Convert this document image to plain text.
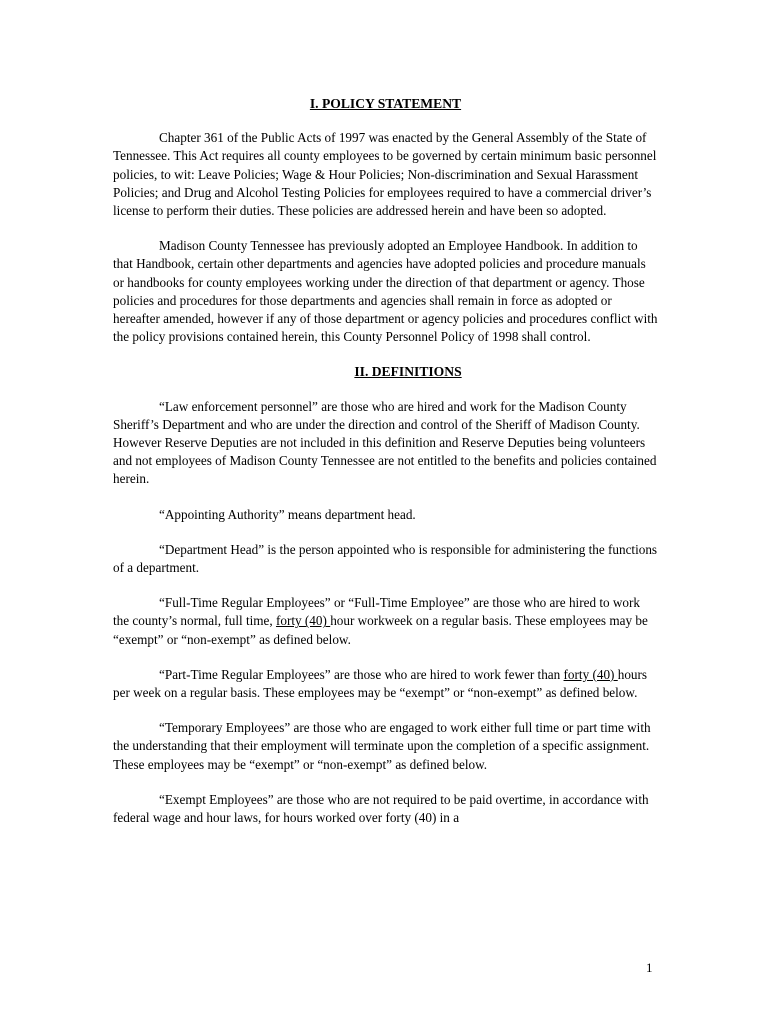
I. POLICY STATEMENT

Chapter 361 of the Public Acts of 1997 was enacted by the General Assembly of the State of Tennessee. This Act requires all county employees to be governed by certain minimum basic personnel policies, to wit: Leave Policies; Wage & Hour Policies; Non-discrimination and Sexual Harassment Policies; and Drug and Alcohol Testing Policies for employees required to have a commercial driver’s license to perform their duties. These policies are addressed herein and have been so adopted.

Madison County Tennessee has previously adopted an Employee Handbook. In addition to that Handbook, certain other departments and agencies have adopted policies and procedure manuals or handbooks for county employees working under the direction of that department or agency. Those policies and procedures for those departments and agencies shall remain in force as adopted or hereafter amended, however if any of those department or agency policies and procedures conflict with the policy provisions contained herein, this County Personnel Policy of 1998 shall control.

II. DEFINITIONS

“Law enforcement personnel” are those who are hired and work for the Madison County Sheriff’s Department and who are under the direction and control of the Sheriff of Madison County. However Reserve Deputies are not included in this definition and Reserve Deputies being volunteers and not employees of Madison County Tennessee are not entitled to the benefits and policies contained herein.

“Appointing Authority” means department head.

“Department Head” is the person appointed who is responsible for administering the functions of a department.

“Full-Time Regular Employees” or “Full-Time Employee” are those who are hired to work the county’s normal, full time, forty (40) hour workweek on a regular basis. These employees may be “exempt” or “non-exempt” as defined below.

“Part-Time Regular Employees” are those who are hired to work fewer than forty (40) hours per week on a regular basis. These employees may be “exempt” or “non-exempt” as defined below.

“Temporary Employees” are those who are engaged to work either full time or part time with the understanding that their employment will terminate upon the completion of a specific assignment. These employees may be “exempt” or “non-exempt” as defined below.

“Exempt Employees” are those who are not required to be paid overtime, in accordance with federal wage and hour laws, for hours worked over forty (40) in a

1
